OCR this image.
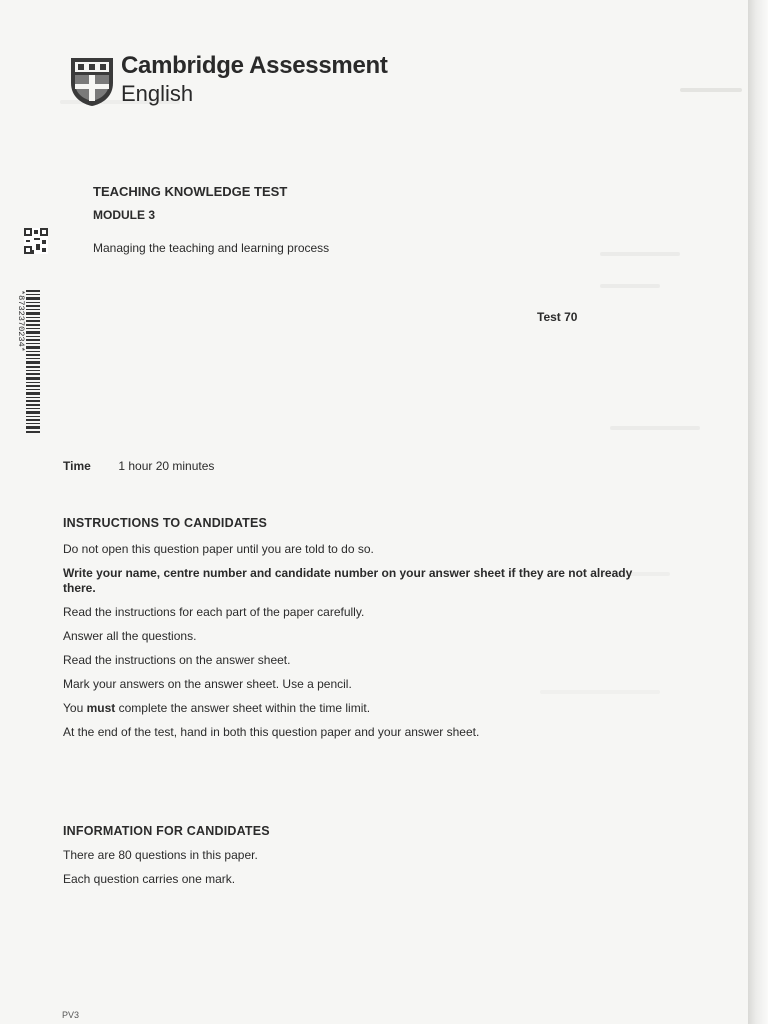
Cambridge Assessment
English
TEACHING KNOWLEDGE TEST
MODULE 3
Managing the teaching and learning process
*8732370234*	Test 70
Time 1 hour 20 minutes
INSTRUCTIONS TO CANDIDATES
Do not open this question paper until you are told to do so.
Write your name, centre number and candidate number on your answer sheet if they are not already there.
Read the instructions for each part of the paper carefully.
Answer all the questions.
Read the instructions on the answer sheet.
Mark your answers on the answer sheet. Use a pencil.
You must complete the answer sheet within the time limit.
At the end of the test, hand in both this question paper and your answer sheet.
INFORMATION FOR CANDIDATES
There are 80 questions in this paper.
Each question carries one mark.
PV3
